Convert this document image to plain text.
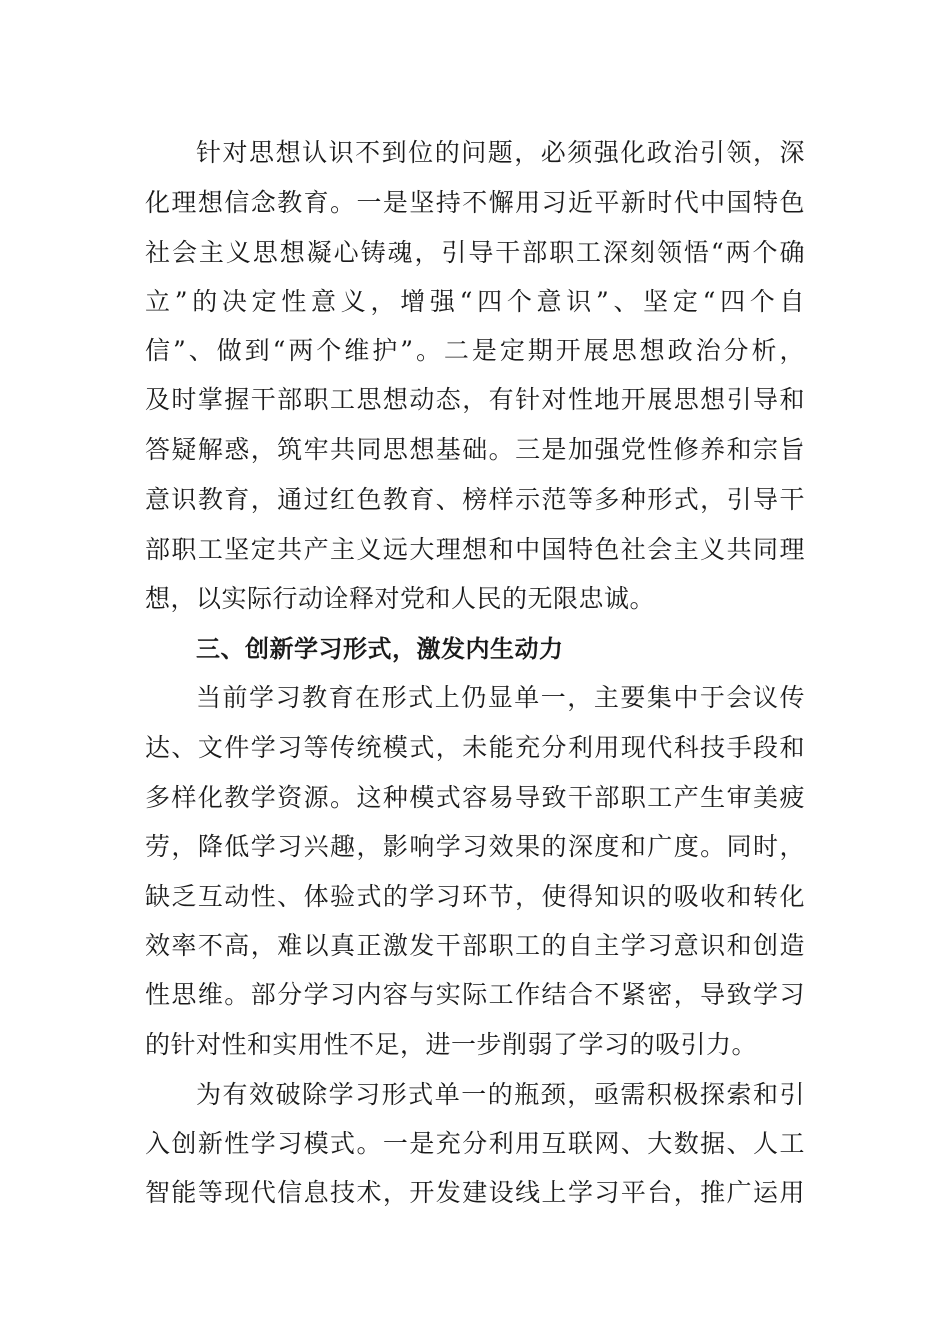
针对思想认识不到位的问题，必须强化政治引领，深
化理想信念教育。一是坚持不懈用习近平新时代中国特色
社会主义思想凝心铸魂，引导干部职工深刻领悟“两个确
立”的决定性意义，增强“四个意识”、坚定“四个自
信”、做到“两个维护”。二是定期开展思想政治分析，
及时掌握干部职工思想动态，有针对性地开展思想引导和
答疑解惑，筑牢共同思想基础。三是加强党性修养和宗旨
意识教育，通过红色教育、榜样示范等多种形式，引导干
部职工坚定共产主义远大理想和中国特色社会主义共同理
想，以实际行动诠释对党和人民的无限忠诚。
三、创新学习形式，激发内生动力
当前学习教育在形式上仍显单一，主要集中于会议传
达、文件学习等传统模式，未能充分利用现代科技手段和
多样化教学资源。这种模式容易导致干部职工产生审美疲
劳，降低学习兴趣，影响学习效果的深度和广度。同时，
缺乏互动性、体验式的学习环节，使得知识的吸收和转化
效率不高，难以真正激发干部职工的自主学习意识和创造
性思维。部分学习内容与实际工作结合不紧密，导致学习
的针对性和实用性不足，进一步削弱了学习的吸引力。
为有效破除学习形式单一的瓶颈，亟需积极探索和引
入创新性学习模式。一是充分利用互联网、大数据、人工
智能等现代信息技术，开发建设线上学习平台，推广运用
